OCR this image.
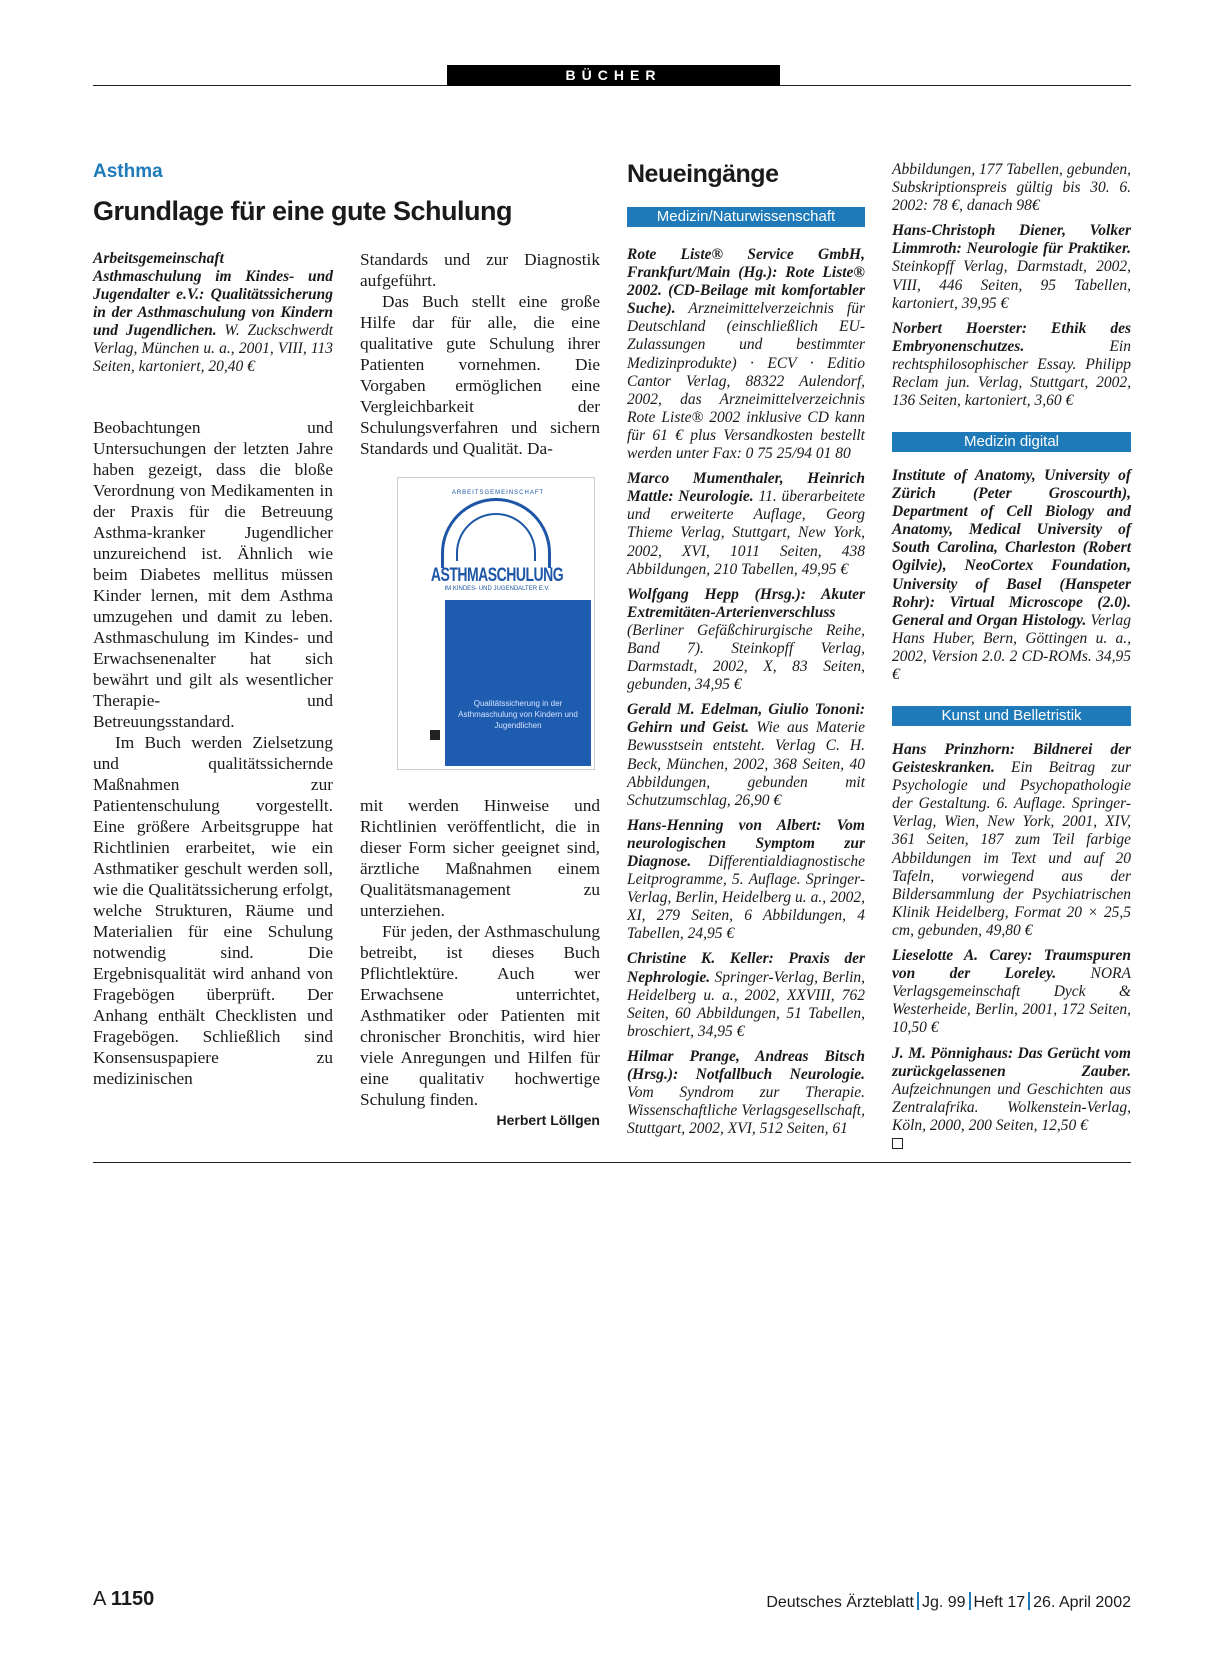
BÜCHER
Asthma
Grundlage für eine gute Schulung
Arbeitsgemeinschaft Asthmaschulung im Kindes- und Jugendalter e.V.: Qualitätssicherung in der Asthmaschulung von Kindern und Jugendlichen. W. Zuckschwerdt Verlag, München u. a., 2001, VIII, 113 Seiten, kartoniert, 20,40 €

Beobachtungen und Untersuchungen der letzten Jahre haben gezeigt, dass die bloße Verordnung von Medikamenten in der Praxis für die Betreuung Asthma-kranker Jugendlicher unzureichend ist. Ähnlich wie beim Diabetes mellitus müssen Kinder lernen, mit dem Asthma umzugehen und damit zu leben. Asthmaschulung im Kindes- und Erwachsenenalter hat sich bewährt und gilt als wesentlicher Therapie- und Betreuungsstandard.

Im Buch werden Zielsetzung und qualitätssichernde Maßnahmen zur Patientenschulung vorgestellt. Eine größere Arbeitsgruppe hat Richtlinien erarbeitet, wie ein Asthmatiker geschult werden soll, wie die Qualitätssicherung erfolgt, welche Strukturen, Räume und Materialien für eine Schulung notwendig sind. Die Ergebnisqualität wird anhand von Fragebögen überprüft. Der Anhang enthält Checklisten und Fragebögen. Schließlich sind Konsensuspapiere zu medizinischen

Standards und zur Diagnostik aufgeführt.

Das Buch stellt eine große Hilfe dar für alle, die eine qualitative gute Schulung ihrer Patienten vornehmen. Die Vorgaben ermöglichen eine Vergleichbarkeit der Schulungsverfahren und sichern Standards und Qualität. Da-

ARBEITSGEMEINSCHAFT
ASTHMASCHULUNG
IM KINDES- UND JUGENDALTER E.V.
Qualitätssicherung in der Asthmaschulung von Kindern und Jugendlichen

mit werden Hinweise und Richtlinien veröffentlicht, die in dieser Form sicher geeignet sind, ärztliche Maßnahmen einem Qualitätsmanagement zu unterziehen.

Für jeden, der Asthmaschulung betreibt, ist dieses Buch Pflichtlektüre. Auch wer Erwachsene unterrichtet, Asthmatiker oder Patienten mit chronischer Bronchitis, wird hier viele Anregungen und Hilfen für eine qualitativ hochwertige Schulung finden.
Herbert Löllgen

Neueingänge
Medizin/Naturwissenschaft
Rote Liste® Service GmbH, Frankfurt/Main (Hg.): Rote Liste® 2002. (CD-Beilage mit komfortabler Suche). Arzneimittelverzeichnis für Deutschland (einschließlich EU-Zulassungen und bestimmter Medizinprodukte) · ECV · Editio Cantor Verlag, 88322 Aulendorf, 2002, das Arzneimittelverzeichnis Rote Liste® 2002 inklusive CD kann für 61 € plus Versandkosten bestellt werden unter Fax: 0 75 25/94 01 80
Marco Mumenthaler, Heinrich Mattle: Neurologie. 11. überarbeitete und erweiterte Auflage, Georg Thieme Verlag, Stuttgart, New York, 2002, XVI, 1011 Seiten, 438 Abbildungen, 210 Tabellen, 49,95 €
Wolfgang Hepp (Hrsg.): Akuter Extremitäten-Arterienverschluss (Berliner Gefäßchirurgische Reihe, Band 7). Steinkopff Verlag, Darmstadt, 2002, X, 83 Seiten, gebunden, 34,95 €
Gerald M. Edelman, Giulio Tononi: Gehirn und Geist. Wie aus Materie Bewusstsein entsteht. Verlag C. H. Beck, München, 2002, 368 Seiten, 40 Abbildungen, gebunden mit Schutzumschlag, 26,90 €
Hans-Henning von Albert: Vom neurologischen Symptom zur Diagnose. Differentialdiagnostische Leitprogramme, 5. Auflage. Springer-Verlag, Berlin, Heidelberg u. a., 2002, XI, 279 Seiten, 6 Abbildungen, 4 Tabellen, 24,95 €
Christine K. Keller: Praxis der Nephrologie. Springer-Verlag, Berlin, Heidelberg u. a., 2002, XXVIII, 762 Seiten, 60 Abbildungen, 51 Tabellen, broschiert, 34,95 €
Hilmar Prange, Andreas Bitsch (Hrsg.): Notfallbuch Neurologie. Vom Syndrom zur Therapie. Wissenschaftliche Verlagsgesellschaft, Stuttgart, 2002, XVI, 512 Seiten, 61
Abbildungen, 177 Tabellen, gebunden, Subskriptionspreis gültig bis 30. 6. 2002: 78 €, danach 98€
Hans-Christoph Diener, Volker Limmroth: Neurologie für Praktiker. Steinkopff Verlag, Darmstadt, 2002, VIII, 446 Seiten, 95 Tabellen, kartoniert, 39,95 €
Norbert Hoerster: Ethik des Embryonenschutzes. Ein rechtsphilosophischer Essay. Philipp Reclam jun. Verlag, Stuttgart, 2002, 136 Seiten, kartoniert, 3,60 €
Medizin digital
Institute of Anatomy, University of Zürich (Peter Groscourth), Department of Cell Biology and Anatomy, Medical University of South Carolina, Charleston (Robert Ogilvie), NeoCortex Foundation, University of Basel (Hanspeter Rohr): Virtual Microscope (2.0). General and Organ Histology. Verlag Hans Huber, Bern, Göttingen u. a., 2002, Version 2.0. 2 CD-ROMs. 34,95 €
Kunst und Belletristik
Hans Prinzhorn: Bildnerei der Geisteskranken. Ein Beitrag zur Psychologie und Psychopathologie der Gestaltung. 6. Auflage. Springer-Verlag, Wien, New York, 2001, XIV, 361 Seiten, 187 zum Teil farbige Abbildungen im Text und auf 20 Tafeln, vorwiegend aus der Bildersammlung der Psychiatrischen Klinik Heidelberg, Format 20 × 25,5 cm, gebunden, 49,80 €
Lieselotte A. Carey: Traumspuren von der Loreley. NORA Verlagsgemeinschaft Dyck & Westerheide, Berlin, 2001, 172 Seiten, 10,50 €
J. M. Pönnighaus: Das Gerücht vom zurückgelassenen Zauber. Aufzeichnungen und Geschichten aus Zentralafrika. Wolkenstein-Verlag, Köln, 2000, 200 Seiten, 12,50 €

A 1150	Deutsches Ärzteblatt Jg. 99 Heft 17 26. April 2002
